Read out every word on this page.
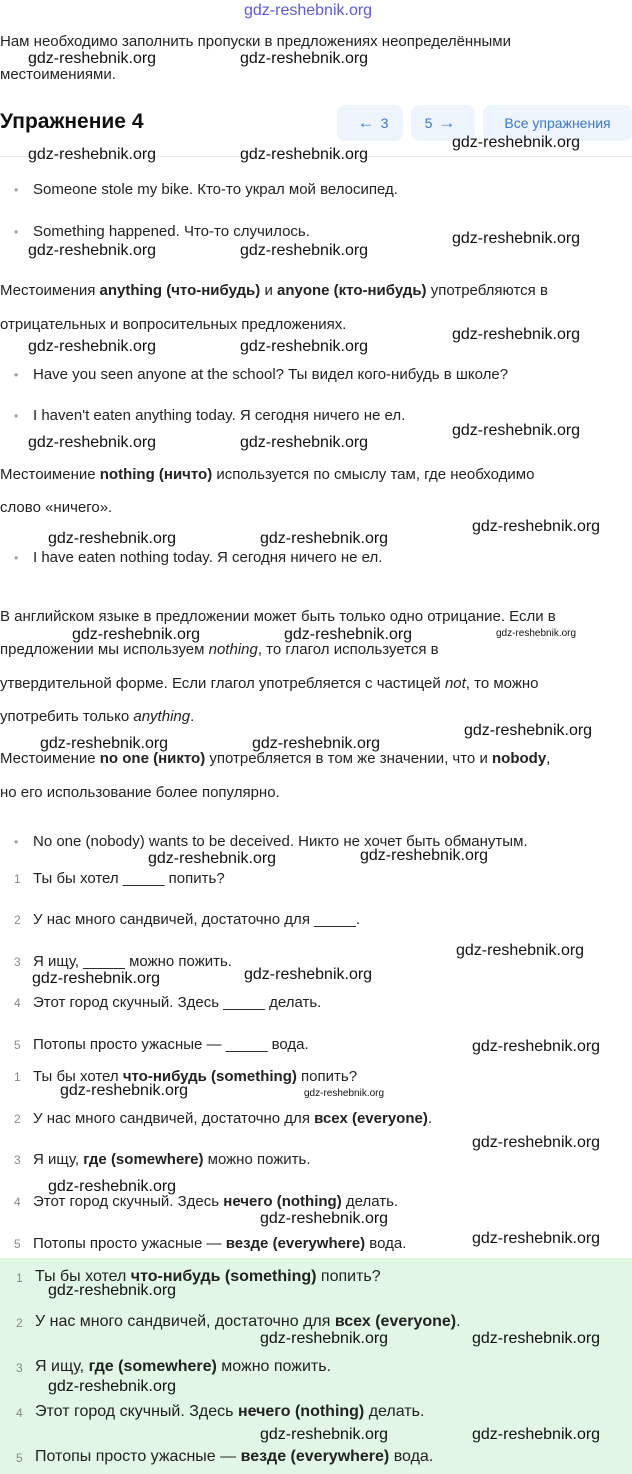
gdz-reshebnik.org
Нам необходимо заполнить пропуски в предложениях неопределёнными
местоимениями.
Упражнение 4	← 3	5 →	Все упражнения
• Someone stole my bike. Кто-то украл мой велосипед.
• Something happened. Что-то случилось.
Местоимения anything (что-нибудь) и anyone (кто-нибудь) употребляются в
отрицательных и вопросительных предложениях.
• Have you seen anyone at the school? Ты видел кого-нибудь в школе?
• I haven't eaten anything today. Я сегодня ничего не ел.
Местоимение nothing (ничто) используется по смыслу там, где необходимо
слово «ничего».
• I have eaten nothing today. Я сегодня ничего не ел.
В английском языке в предложении может быть только одно отрицание. Если в
предложении мы используем nothing, то глагол используется в
утвердительной форме. Если глагол употребляется с частицей not, то можно
употребить только anything.
Местоимение no one (никто) употребляется в том же значении, что и nobody,
но его использование более популярно.
• No one (nobody) wants to be deceived. Никто не хочет быть обманутым.
1 Ты бы хотел _____ попить?
2 У нас много сандвичей, достаточно для _____.
3 Я ищу, _____ можно пожить.
4 Этот город скучный. Здесь _____ делать.
5 Потопы просто ужасные — _____ вода.
1 Ты бы хотел что-нибудь (something) попить?
2 У нас много сандвичей, достаточно для всех (everyone).
3 Я ищу, где (somewhere) можно пожить.
4 Этот город скучный. Здесь нечего (nothing) делать.
5 Потопы просто ужасные — везде (everywhere) вода.
1 Ты бы хотел что-нибудь (something) попить?
2 У нас много сандвичей, достаточно для всех (everyone).
3 Я ищу, где (somewhere) можно пожить.
4 Этот город скучный. Здесь нечего (nothing) делать.
5 Потопы просто ужасные — везде (everywhere) вода.
gdz-reshebnik.org	gdz-reshebnik.org
gdz-reshebnik.org
gdz-reshebnik.org	gdz-reshebnik.org
gdz-reshebnik.org
gdz-reshebnik.org	gdz-reshebnik.org
gdz-reshebnik.org
gdz-reshebnik.org	gdz-reshebnik.org
gdz-reshebnik.org
gdz-reshebnik.org	gdz-reshebnik.org
gdz-reshebnik.org
gdz-reshebnik.org	gdz-reshebnik.org
gdz-reshebnik.org
gdz-reshebnik.org	gdz-reshebnik.org
gdz-reshebnik.org
gdz-reshebnik.org	gdz-reshebnik.org
gdz-reshebnik.org	gdz-reshebnik.org
gdz-reshebnik.org
gdz-reshebnik.org	gdz-reshebnik.org
gdz-reshebnik.org
gdz-reshebnik.org	gdz-reshebnik.org
gdz-reshebnik.org
gdz-reshebnik.org
gdz-reshebnik.org
gdz-reshebnik.org
gdz-reshebnik.org
gdz-reshebnik.org	gdz-reshebnik.org
gdz-reshebnik.org
gdz-reshebnik.org	gdz-reshebnik.org
